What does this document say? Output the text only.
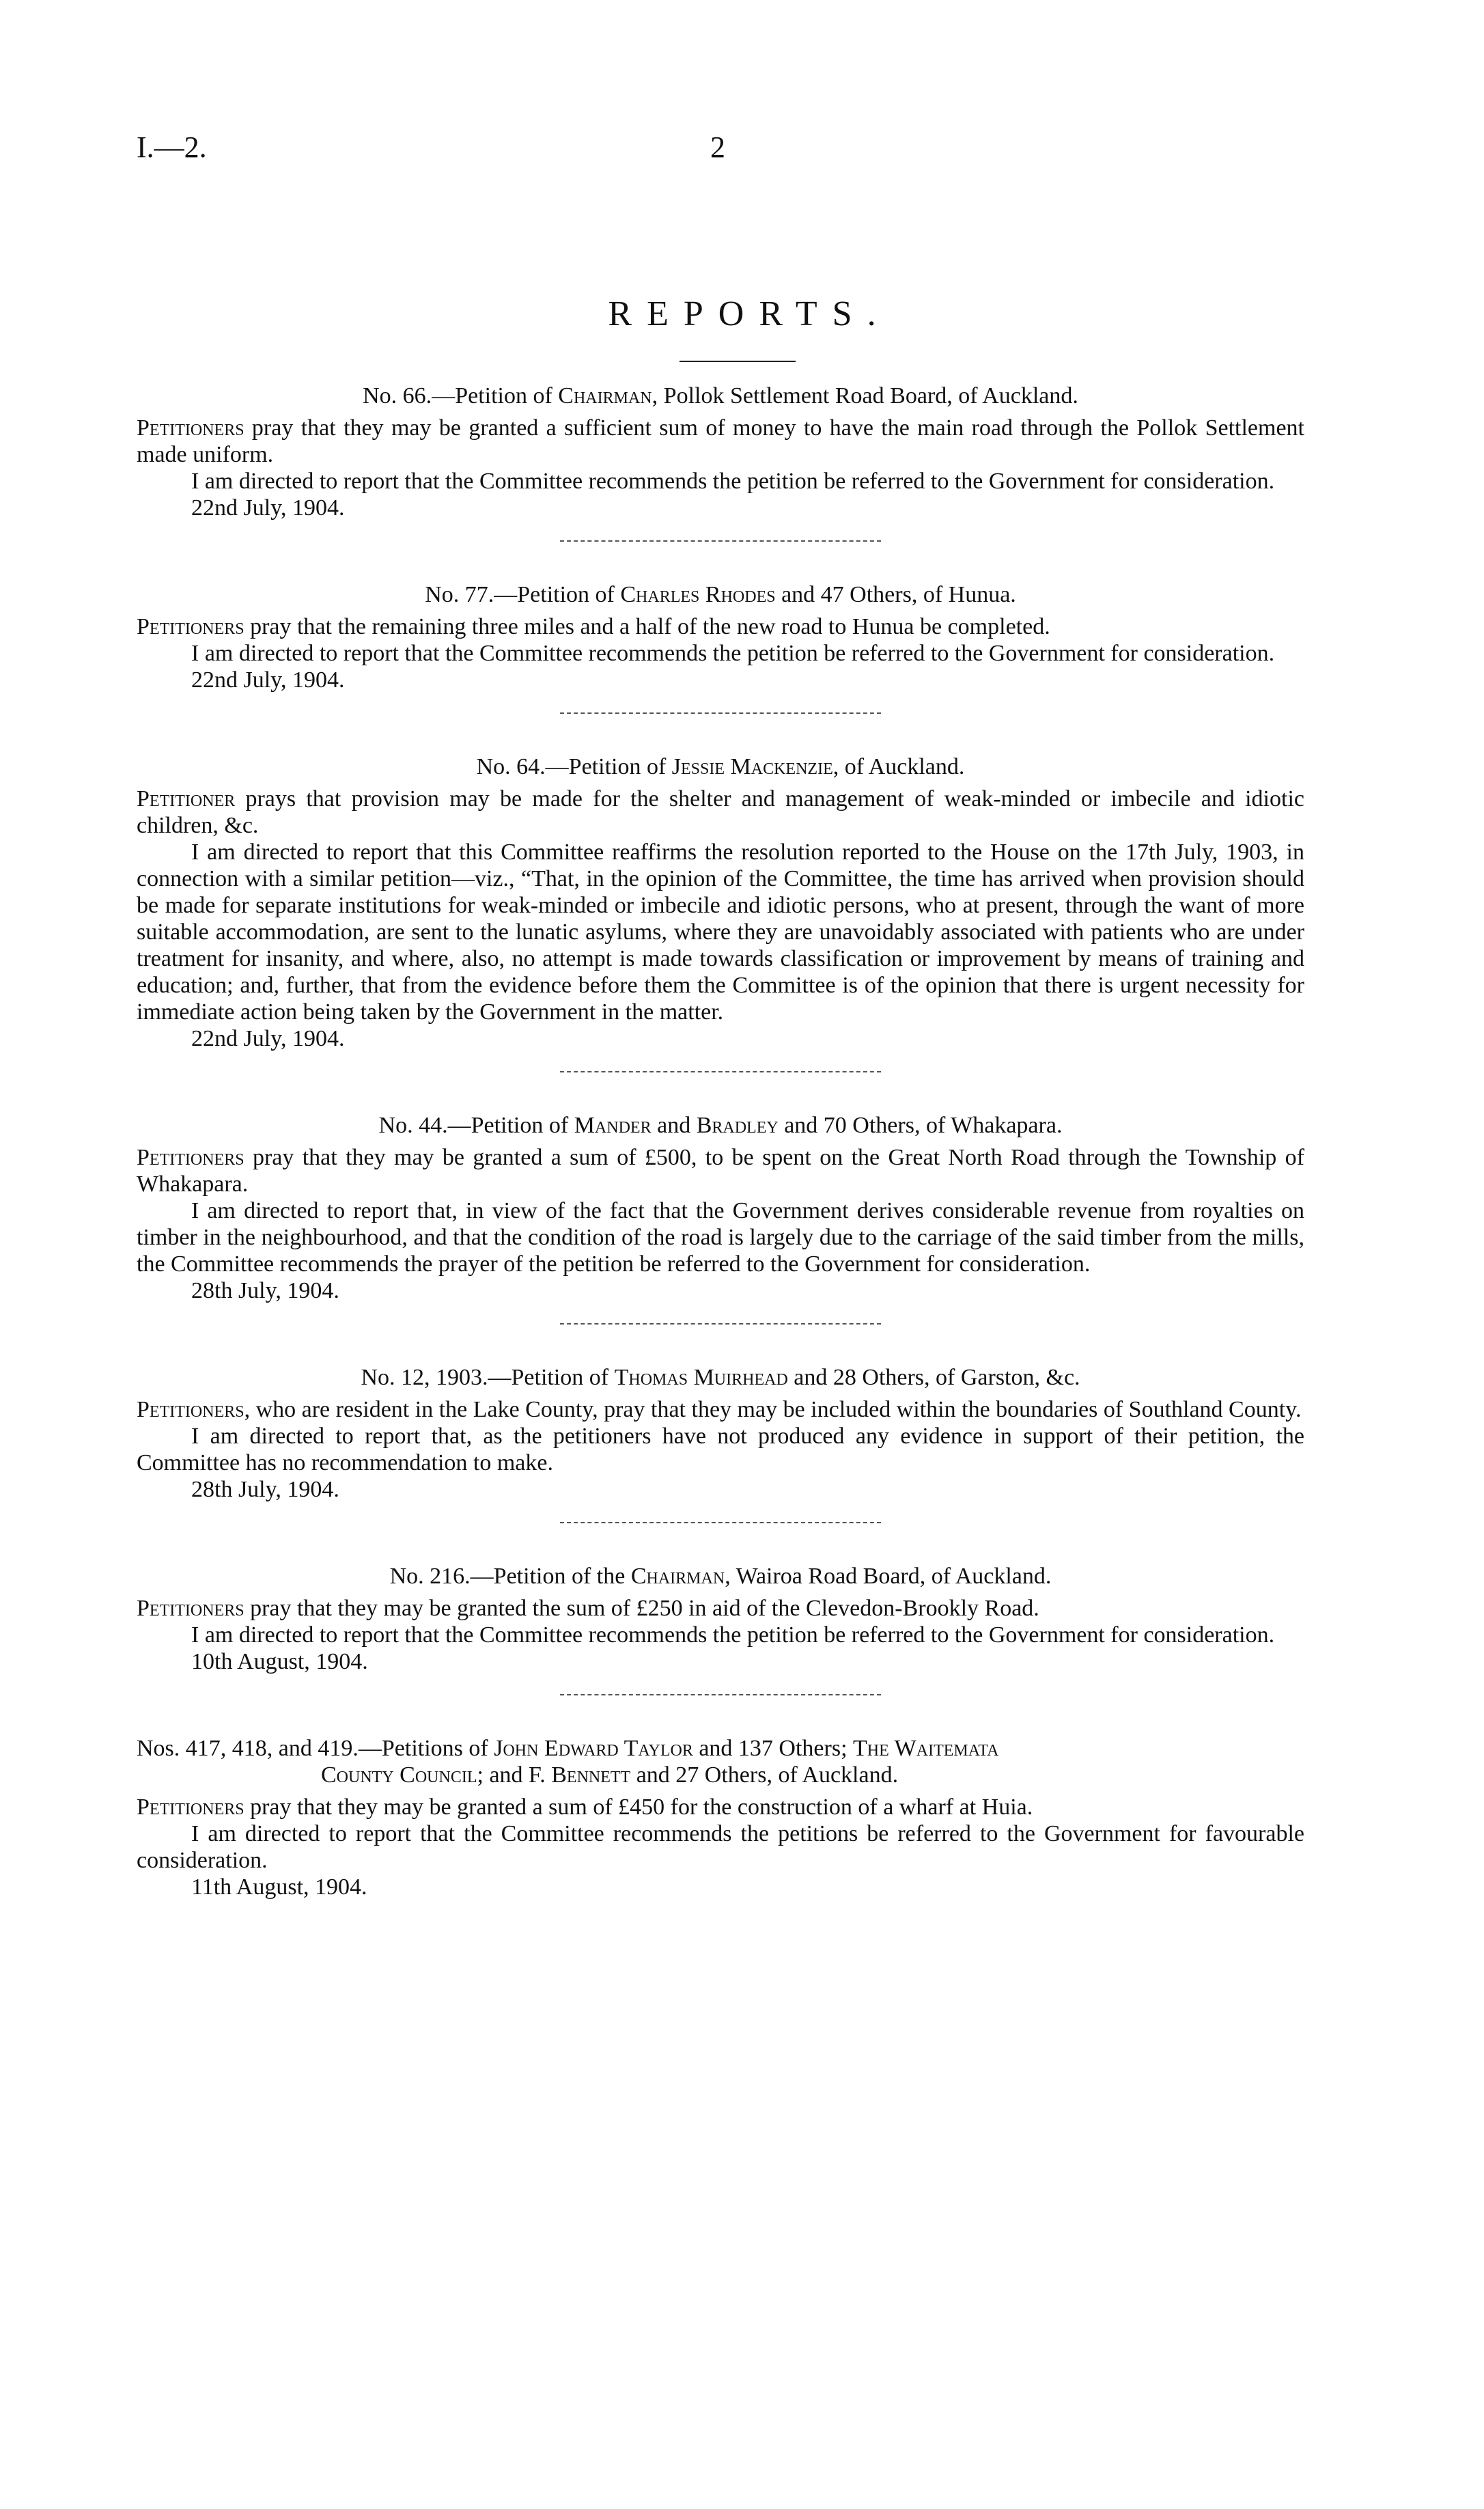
I.—2.	2
REPORTS.
No. 66.—Petition of Chairman, Pollok Settlement Road Board, of Auckland.

Petitioners pray that they may be granted a sufficient sum of money to have the main road through the Pollok Settlement made uniform.

I am directed to report that the Committee recommends the petition be referred to the Government for consideration.

22nd July, 1904.
No. 77.—Petition of Charles Rhodes and 47 Others, of Hunua.

Petitioners pray that the remaining three miles and a half of the new road to Hunua be completed.

I am directed to report that the Committee recommends the petition be referred to the Government for consideration.

22nd July, 1904.
No. 64.—Petition of Jessie Mackenzie, of Auckland.

Petitioner prays that provision may be made for the shelter and management of weak-minded or imbecile and idiotic children, &c.

I am directed to report that this Committee reaffirms the resolution reported to the House on the 17th July, 1903, in connection with a similar petition—viz., “That, in the opinion of the Committee, the time has arrived when provision should be made for separate institutions for weak-minded or imbecile and idiotic persons, who at present, through the want of more suitable accommodation, are sent to the lunatic asylums, where they are unavoidably associated with patients who are under treatment for insanity, and where, also, no attempt is made towards classification or improvement by means of training and education; and, further, that from the evidence before them the Committee is of the opinion that there is urgent necessity for immediate action being taken by the Government in the matter.

22nd July, 1904.
No. 44.—Petition of Mander and Bradley and 70 Others, of Whakapara.

Petitioners pray that they may be granted a sum of £500, to be spent on the Great North Road through the Township of Whakapara.

I am directed to report that, in view of the fact that the Government derives considerable revenue from royalties on timber in the neighbourhood, and that the condition of the road is largely due to the carriage of the said timber from the mills, the Committee recommends the prayer of the petition be referred to the Government for consideration.

28th July, 1904.
No. 12, 1903.—Petition of Thomas Muirhead and 28 Others, of Garston, &c.

Petitioners, who are resident in the Lake County, pray that they may be included within the boundaries of Southland County.

I am directed to report that, as the petitioners have not produced any evidence in support of their petition, the Committee has no recommendation to make.

28th July, 1904.
No. 216.—Petition of the Chairman, Wairoa Road Board, of Auckland.

Petitioners pray that they may be granted the sum of £250 in aid of the Clevedon-Brookly Road.

I am directed to report that the Committee recommends the petition be referred to the Government for consideration.

10th August, 1904.
Nos. 417, 418, and 419.—Petitions of John Edward Taylor and 137 Others; The Waitemata
County Council; and F. Bennett and 27 Others, of Auckland.

Petitioners pray that they may be granted a sum of £450 for the construction of a wharf at Huia.

I am directed to report that the Committee recommends the petitions be referred to the Government for favourable consideration.

11th August, 1904.
